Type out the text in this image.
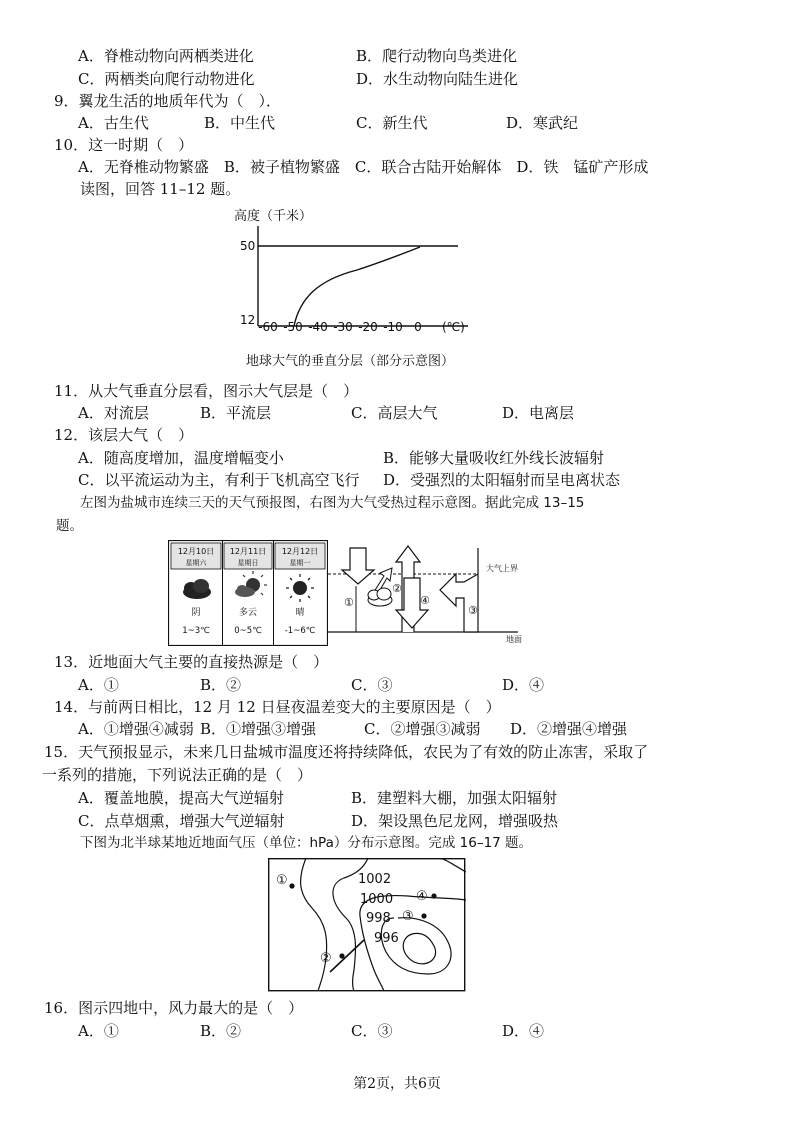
A．脊椎动物向两栖类进化	B．爬行动物向鸟类进化
C．两栖类向爬行动物进化	D．水生动物向陆生进化
9．翼龙生活的地质年代为（　）．
A．古生代	B．中生代	C．新生代	D．寒武纪
10．这一时期（　）
A．无脊椎动物繁盛　B．被子植物繁盛　C．联合古陆开始解体　D．铁　锰矿产形成
读图，回答 11–12 题。
高度（千米）
50
12 -60 -50 -40 -30 -20 -10 0 (℃)
地球大气的垂直分层（部分示意图）
11．从大气垂直分层看，图示大气层是（　）
A．对流层	B．平流层	C．高层大气	D．电离层
12．该层大气（　）
A．随高度增加，温度增幅变小	B．能够大量吸收红外线长波辐射
C．以平流运动为主，有利于飞机高空飞行 D．受强烈的太阳辐射而呈电离状态
左图为盐城市连续三天的天气预报图，右图为大气受热过程示意图。据此完成 13–15
题。
12月10日
星期六
阴
1~3℃
12月11日
星期日
多云
0~5℃
12月12日
星期一
晴
-1~6℃
大气上界
地面
①
②
④
③
13．近地面大气主要的直接热源是（　）
A．①	B．②	C．③	D．④
14．与前两日相比，12 月 12 日昼夜温差变大的主要原因是（　）
A．①增强④减弱 B．①增强③增强	C．②增强③减弱 D．②增强④增强
15．天气预报显示，未来几日盐城市温度还将持续降低，农民为了有效的防止冻害，采取了
一系列的措施，下列说法正确的是（　）
A．覆盖地膜，提高大气逆辐射	B．建塑料大棚，加强太阳辐射
C．点草烟熏，增强大气逆辐射	D．架设黑色尼龙网，增强吸热
下图为北半球某地近地面气压（单位：hPa）分布示意图。完成 16–17 题。
1002
1000
998
996
①
④
③
②
16．图示四地中，风力最大的是（　）
A．①	B．②	C．③	D．④
第2页，共6页
